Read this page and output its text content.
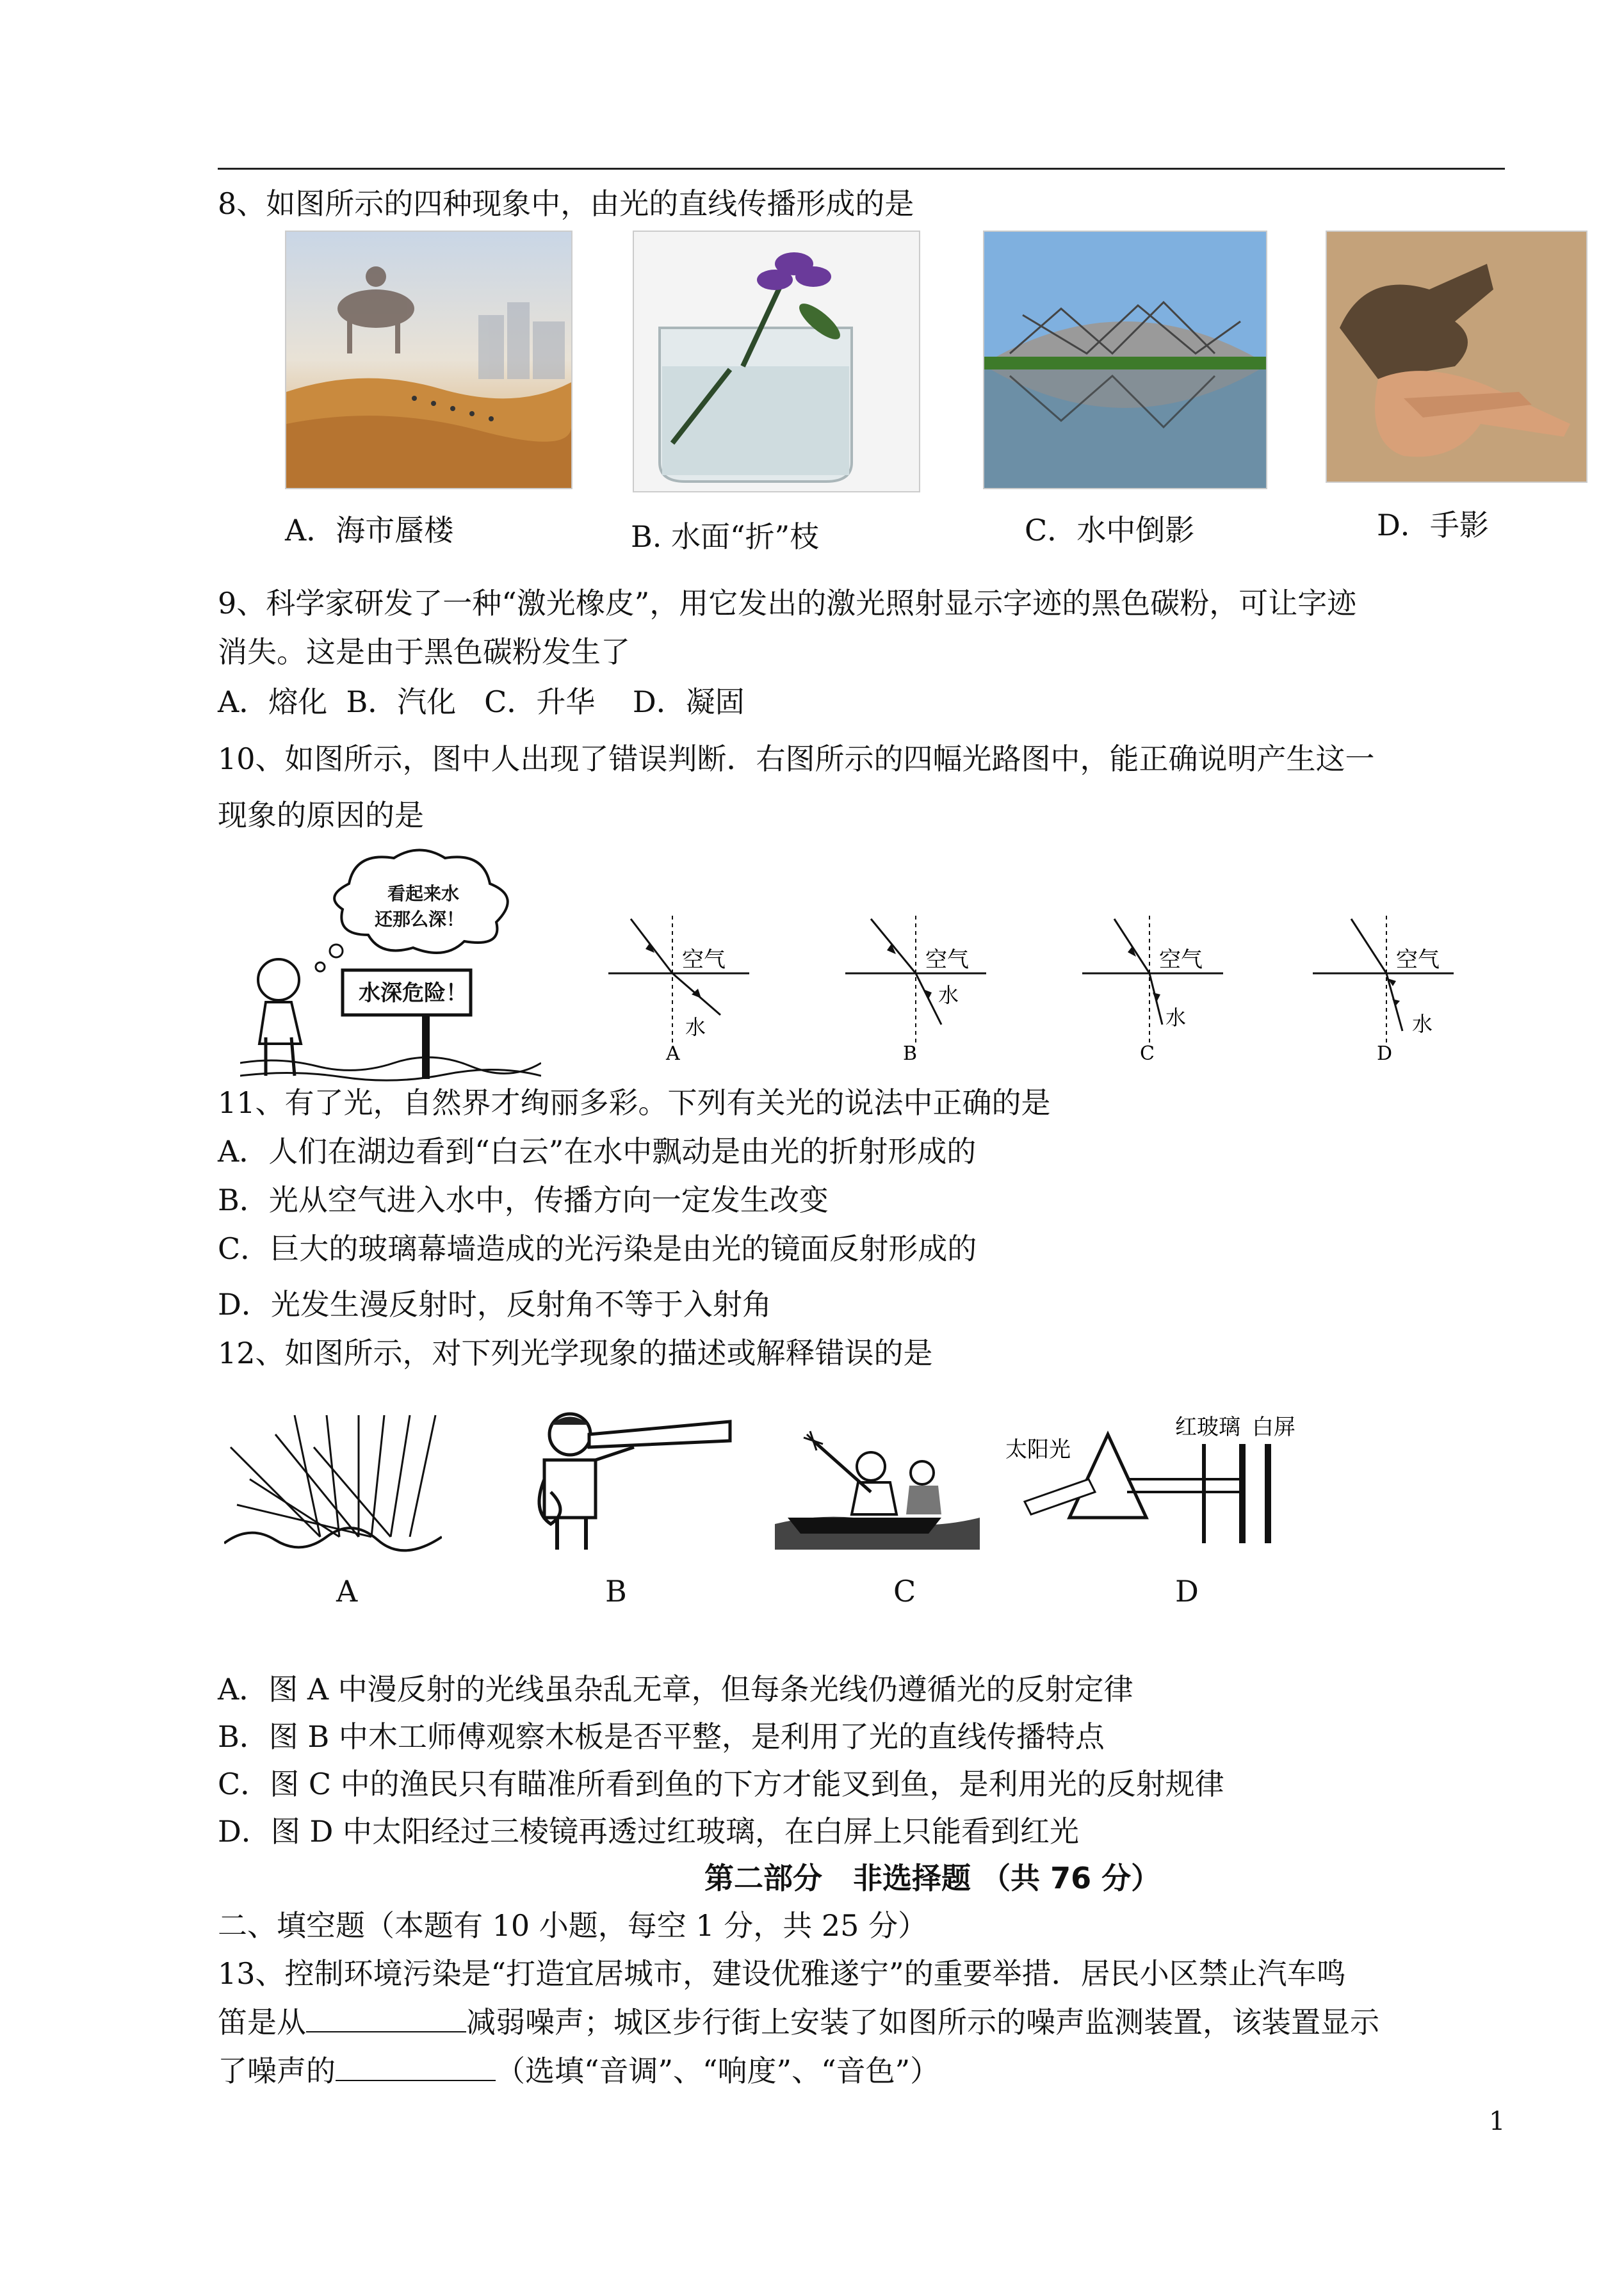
8、如图所示的四种现象中，由光的直线传播形成的是
A．海市蜃楼	B. 水面“折”枝	C．水中倒影	D．手影
9、科学家研发了一种“激光橡皮”，用它发出的激光照射显示字迹的黑色碳粉，可让字迹
消失。这是由于黑色碳粉发生了
A．熔化  B．汽化   C．升华    D．凝固
10、如图所示，图中人出现了错误判断．右图所示的四幅光路图中，能正确说明产生这一
现象的原因的是
看起来水
还那么深！
水深危险！
空气
水
A
空气
水
B
空气
水
C
空气
水
D
11、有了光，自然界才绚丽多彩。下列有关光的说法中正确的是
A．人们在湖边看到“白云”在水中飘动是由光的折射形成的
B．光从空气进入水中，传播方向一定发生改变
C．巨大的玻璃幕墙造成的光污染是由光的镜面反射形成的
D．光发生漫反射时，反射角不等于入射角
12、如图所示，对下列光学现象的描述或解释错误的是
太阳光
红玻璃 白屏
A	B	C	D
A．图 A 中漫反射的光线虽杂乱无章，但每条光线仍遵循光的反射定律
B．图 B 中木工师傅观察木板是否平整，是利用了光的直线传播特点
C．图 C 中的渔民只有瞄准所看到鱼的下方才能叉到鱼，是利用光的反射规律
D．图 D 中太阳经过三棱镜再透过红玻璃，在白屏上只能看到红光
第二部分   非选择题 （共 76 分）
二、填空题（本题有 10 小题，每空 1 分，共 25 分）
13、控制环境污染是“打造宜居城市，建设优雅遂宁”的重要举措．居民小区禁止汽车鸣
笛是从	减弱噪声；城区步行街上安装了如图所示的噪声监测装置，该装置显示
了噪声的	（选填“音调”、“响度”、“音色”）
1
